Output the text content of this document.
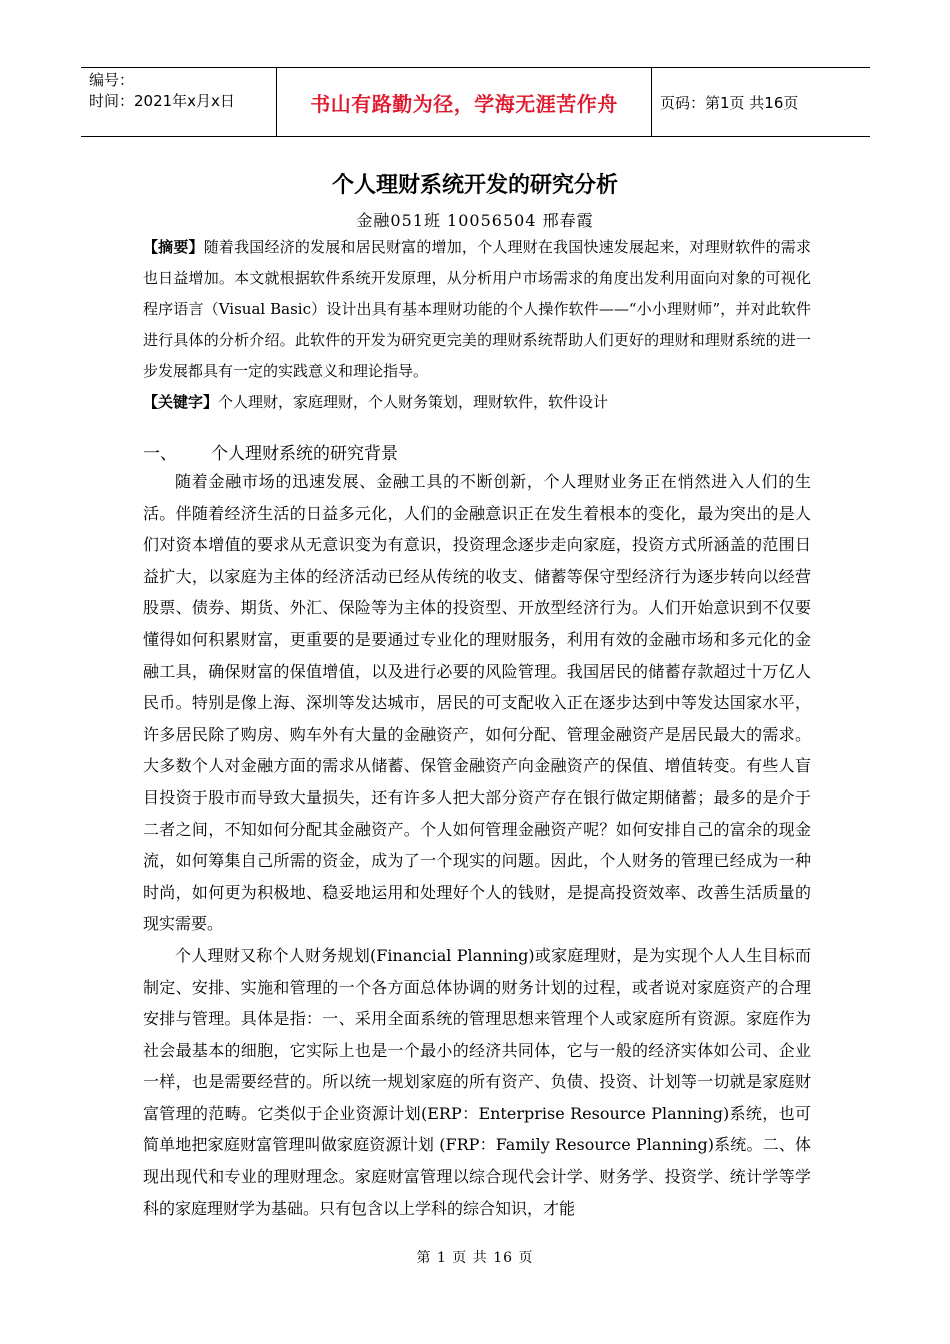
编号：
时间：2021年x月x日	书山有路勤为径，学海无涯苦作舟	页码：第1页 共16页
个人理财系统开发的研究分析
金融051班 10056504 邢春霞

【摘要】随着我国经济的发展和居民财富的增加，个人理财在我国快速发展起来，对理财软件的需求也日益增加。本文就根据软件系统开发原理，从分析用户市场需求的角度出发利用面向对象的可视化程序语言（Visual Basic）设计出具有基本理财功能的个人操作软件——“小小理财师”，并对此软件进行具体的分析介绍。此软件的开发为研究更完美的理财系统帮助人们更好的理财和理财系统的进一步发展都具有一定的实践意义和理论指导。

【关键字】个人理财，家庭理财，个人财务策划，理财软件，软件设计

一、 个人理财系统的研究背景

随着金融市场的迅速发展、金融工具的不断创新，个人理财业务正在悄然进入人们的生活。伴随着经济生活的日益多元化，人们的金融意识正在发生着根本的变化，最为突出的是人们对资本增值的要求从无意识变为有意识，投资理念逐步走向家庭，投资方式所涵盖的范围日益扩大，以家庭为主体的经济活动已经从传统的收支、储蓄等保守型经济行为逐步转向以经营股票、债券、期货、外汇、保险等为主体的投资型、开放型经济行为。人们开始意识到不仅要懂得如何积累财富，更重要的是要通过专业化的理财服务，利用有效的金融市场和多元化的金融工具，确保财富的保值增值，以及进行必要的风险管理。我国居民的储蓄存款超过十万亿人民币。特别是像上海、深圳等发达城市，居民的可支配收入正在逐步达到中等发达国家水平，许多居民除了购房、购车外有大量的金融资产，如何分配、管理金融资产是居民最大的需求。大多数个人对金融方面的需求从储蓄、保管金融资产向金融资产的保值、增值转变。有些人盲目投资于股市而导致大量损失，还有许多人把大部分资产存在银行做定期储蓄；最多的是介于二者之间，不知如何分配其金融资产。个人如何管理金融资产呢？如何安排自己的富余的现金流，如何筹集自己所需的资金，成为了一个现实的问题。因此，个人财务的管理已经成为一种时尚，如何更为积极地、稳妥地运用和处理好个人的钱财，是提高投资效率、改善生活质量的现实需要。

个人理财又称个人财务规划(Financial Planning)或家庭理财，是为实现个人人生目标而制定、安排、实施和管理的一个各方面总体协调的财务计划的过程，或者说对家庭资产的合理安排与管理。具体是指：一、采用全面系统的管理思想来管理个人或家庭所有资源。家庭作为社会最基本的细胞，它实际上也是一个最小的经济共同体，它与一般的经济实体如公司、企业一样，也是需要经营的。所以统一规划家庭的所有资产、负债、投资、计划等一切就是家庭财富管理的范畴。它类似于企业资源计划(ERP：Enterprise Resource Planning)系统，也可简单地把家庭财富管理叫做家庭资源计划 (FRP：Family Resource Planning)系统。二、体现出现代和专业的理财理念。家庭财富管理以综合现代会计学、财务学、投资学、统计学等学科的家庭理财学为基础。只有包含以上学科的综合知识，才能

第 1 页 共 16 页
